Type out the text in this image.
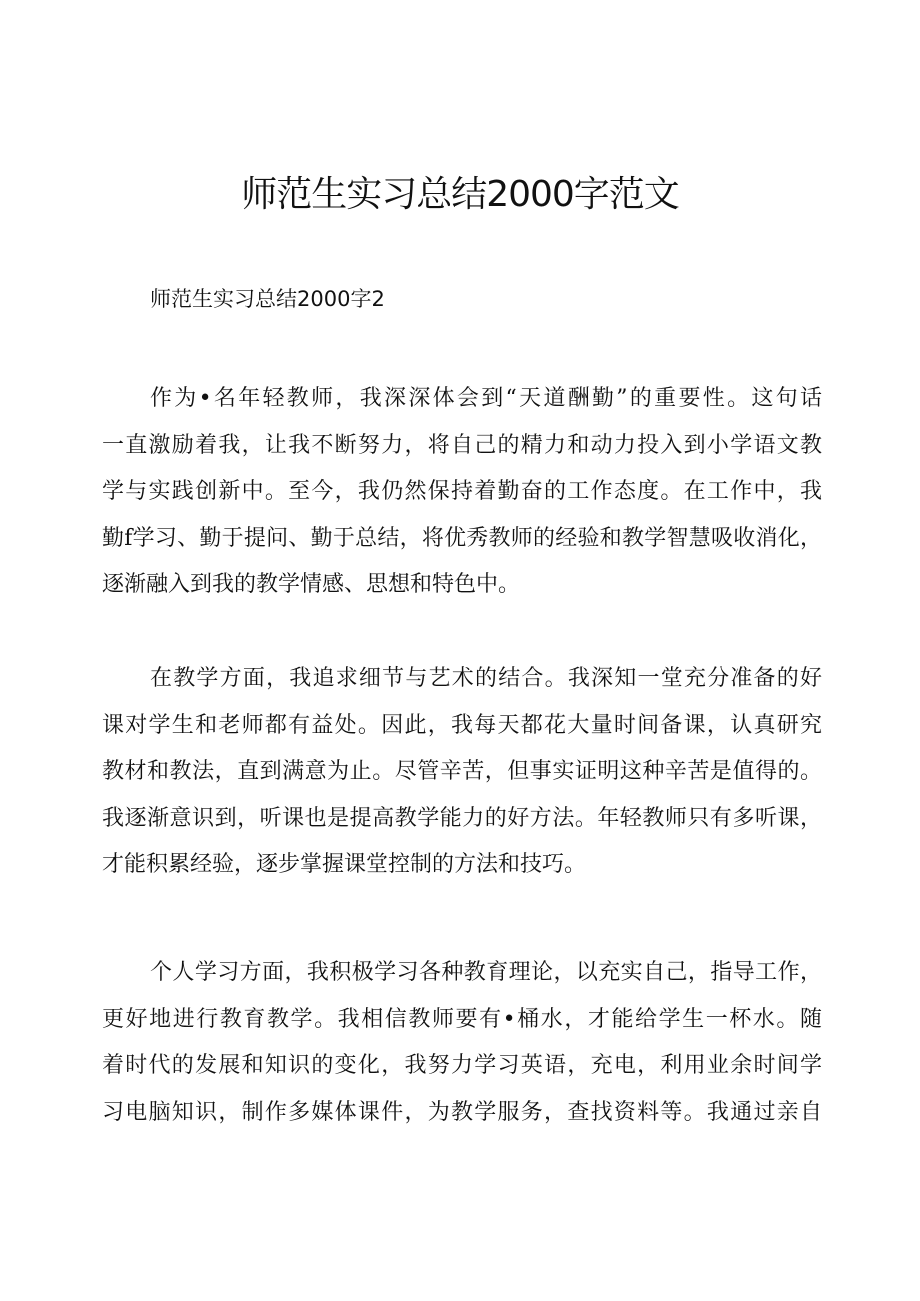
师范生实习总结2000字范文

师范生实习总结2000字2

作为•名年轻教师，我深深体会到“天道酬勤”的重要性。这句话
一直激励着我，让我不断努力，将自己的精力和动力投入到小学语文教
学与实践创新中。至今，我仍然保持着勤奋的工作态度。在工作中，我
勤f学习、勤于提问、勤于总结，将优秀教师的经验和教学智慧吸收消化，
逐渐融入到我的教学情感、思想和特色中。
在教学方面，我追求细节与艺术的结合。我深知一堂充分准备的好
课对学生和老师都有益处。因此，我每天都花大量时间备课，认真研究
教材和教法，直到满意为止。尽管辛苦，但事实证明这种辛苦是值得的。
我逐渐意识到，听课也是提高教学能力的好方法。年轻教师只有多听课，
才能积累经验，逐步掌握课堂控制的方法和技巧。
个人学习方面，我积极学习各种教育理论，以充实自己，指导工作，
更好地进行教育教学。我相信教师要有•桶水，才能给学生一杯水。随
着时代的发展和知识的变化，我努力学习英语，充电，利用业余时间学
习电脑知识，制作多媒体课件，为教学服务，查找资料等。我通过亲自
